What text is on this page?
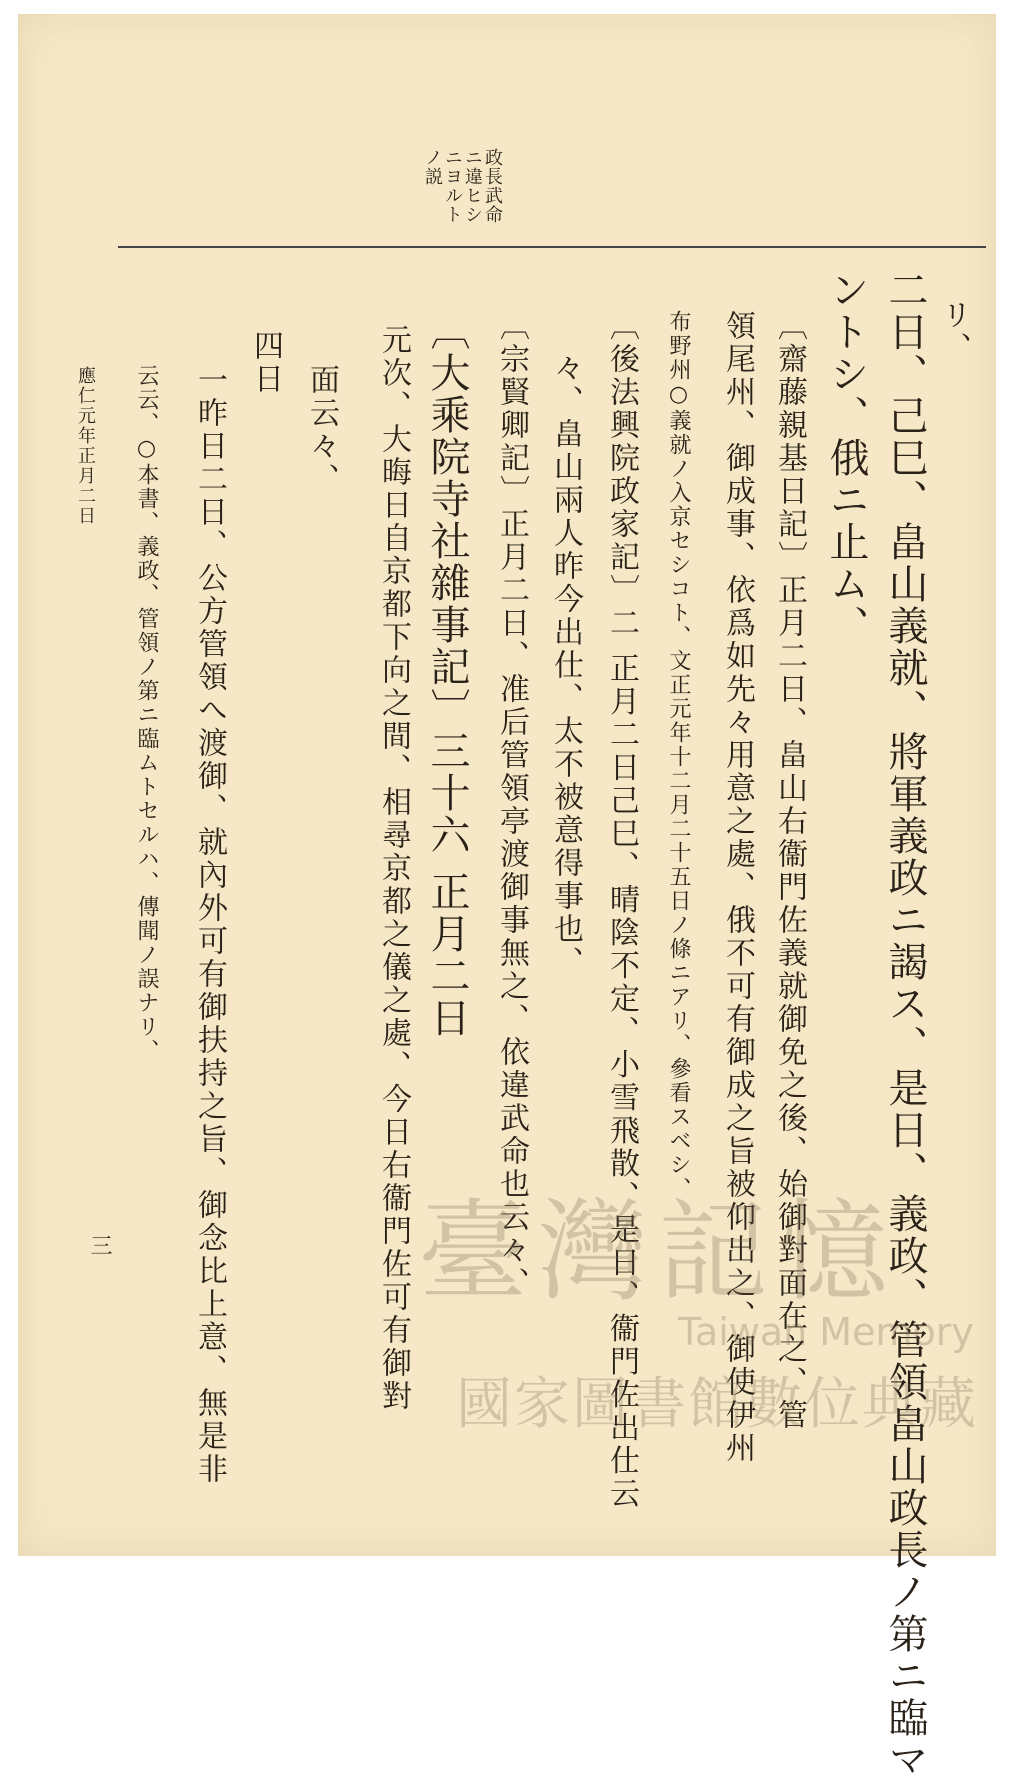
政長武命
ニ違ヒシ
ニヨルト
ノ説
リ、
二日、己巳、畠山義就、將軍義政ニ謁ス、是日、義政、管領畠山政長ノ第ニ臨マ
ントシ、俄ニ止ム、
〔齋藤親基日記〕正月二日、畠山右衞門佐義就御免之後、始御對面在之、管
領尾州、御成事、依爲如先々用意之處、俄不可有御成之旨被仰出之、御使伊州
布野州○義就ノ入京セシコト、文正元年十二月二十五日ノ條ニアリ、參看スベシ、
〔後法興院政家記〕二 正月二日己巳、晴陰不定、小雪飛散、是日、衞門佐出仕云
々、畠山兩人昨今出仕、太不被意得事也、
〔宗賢卿記〕正月二日、准后管領亭渡御事無之、依違武命也云々、
〔大乘院寺社雜事記〕三十六 正月二日
元次、大晦日自京都下向之間、相尋京都之儀之處、今日右衞門佐可有御對
面云々、
四日
一昨日二日、公方管領へ渡御、就內外可有御扶持之旨、御念比上意、無是非
云云、○本書、義政、管領ノ第ニ臨ムトセルハ、傳聞ノ誤ナリ、
應仁元年正月二日
三	臺灣記憶
Taiwan Memory
國家圖書館數位典藏
